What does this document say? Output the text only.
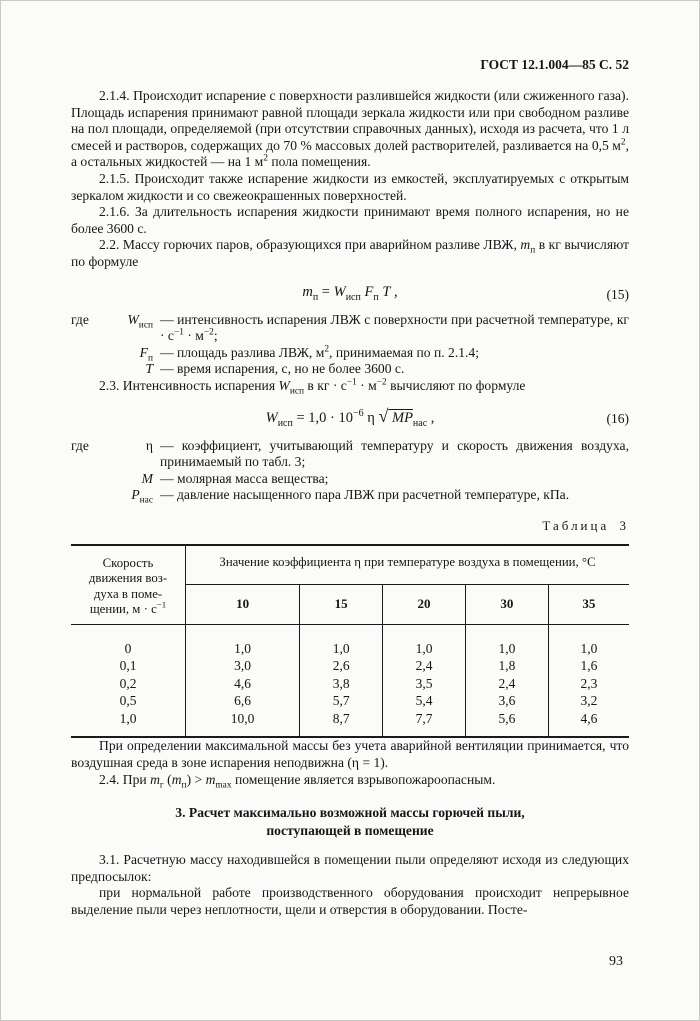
ГОСТ 12.1.004—85 С. 52

2.1.4. Происходит испарение с поверхности разлившейся жидкости (или сжиженного газа). Площадь испарения принимают равной площади зеркала жидкости или при свободном разливе на пол площади, определяемой (при отсутствии справочных данных), исходя из расчета, что 1 л смесей и растворов, содержащих до 70 % массовых долей растворителей, разливается на 0,5 $м^2$, а остальных жидкостей — на 1 $м^2$ пола помещения.

2.1.5. Происходит также испарение жидкости из емкостей, эксплуатируемых с открытым зеркалом жидкости и со свежеокрашенных поверхностей.

2.1.6. За длительность испарения жидкости принимают время полного испарения, но не более 3600 с.

2.2. Массу горючих паров, образующихся при аварийном разливе ЛВЖ, $m_п$ в кг вычисляют по формуле

$m_п = W_{исп}$ $F_п$ T ,	(15)
где	$W_{исп}$ — интенсивность испарения ЛВЖ с поверхности при расчетной температуре, кг · $с^{-1} \cdot м^{-2}$;
$F_п$ — площадь разлива ЛВЖ, $м^2$, принимаемая по п. 2.1.4;
Т — время испарения, с, но не более 3600 с.

2.3. Интенсивность испарения $W_{исп}$ в кг · $с^{-1} \cdot м^{-2}$ вычисляют по формуле

$W_{исп} = 1,0 \cdot 10^{-6}$ η √ $MP_{нас}$ ,	(16)
где	η — коэффициент, учитывающий температуру и скорость движения воздуха, принимаемый по табл. 3;
М — молярная масса вещества;
$Р_{нас}$ — давление насыщенного пара ЛВЖ при расчетной температуре, кПа.
Таблица 3
Скорость
движения воз-
духа в поме-
щении, $м \cdot с^{-1}$	Значение коэффициента η при температуре воздуха в помещении, °С				
	10	15	20	30	35
0	1,0	1,0	1,0	1,0	1,0
0,1	3,0	2,6	2,4	1,8	1,6
0,2	4,6	3,8	3,5	2,4	2,3
0,5	6,6	5,7	5,4	3,6	3,2
1,0	10,0	8,7	7,7	5,6	4,6

При определении максимальной массы без учета аварийной вентиляции принимается, что воздушная среда в зоне испарения неподвижна (η = 1).

2.4. При $m_г$ $(m_п) > m_{max}$ помещение является взрывопожароопасным.

3. Расчет максимально возможной массы горючей пыли,
поступающей в помещение

3.1. Расчетную массу находившейся в помещении пыли определяют исходя из следующих предпосылок:

при нормальной работе производственного оборудования происходит непрерывное выделение пыли через неплотности, щели и отверстия в оборудовании. Посте-

93
